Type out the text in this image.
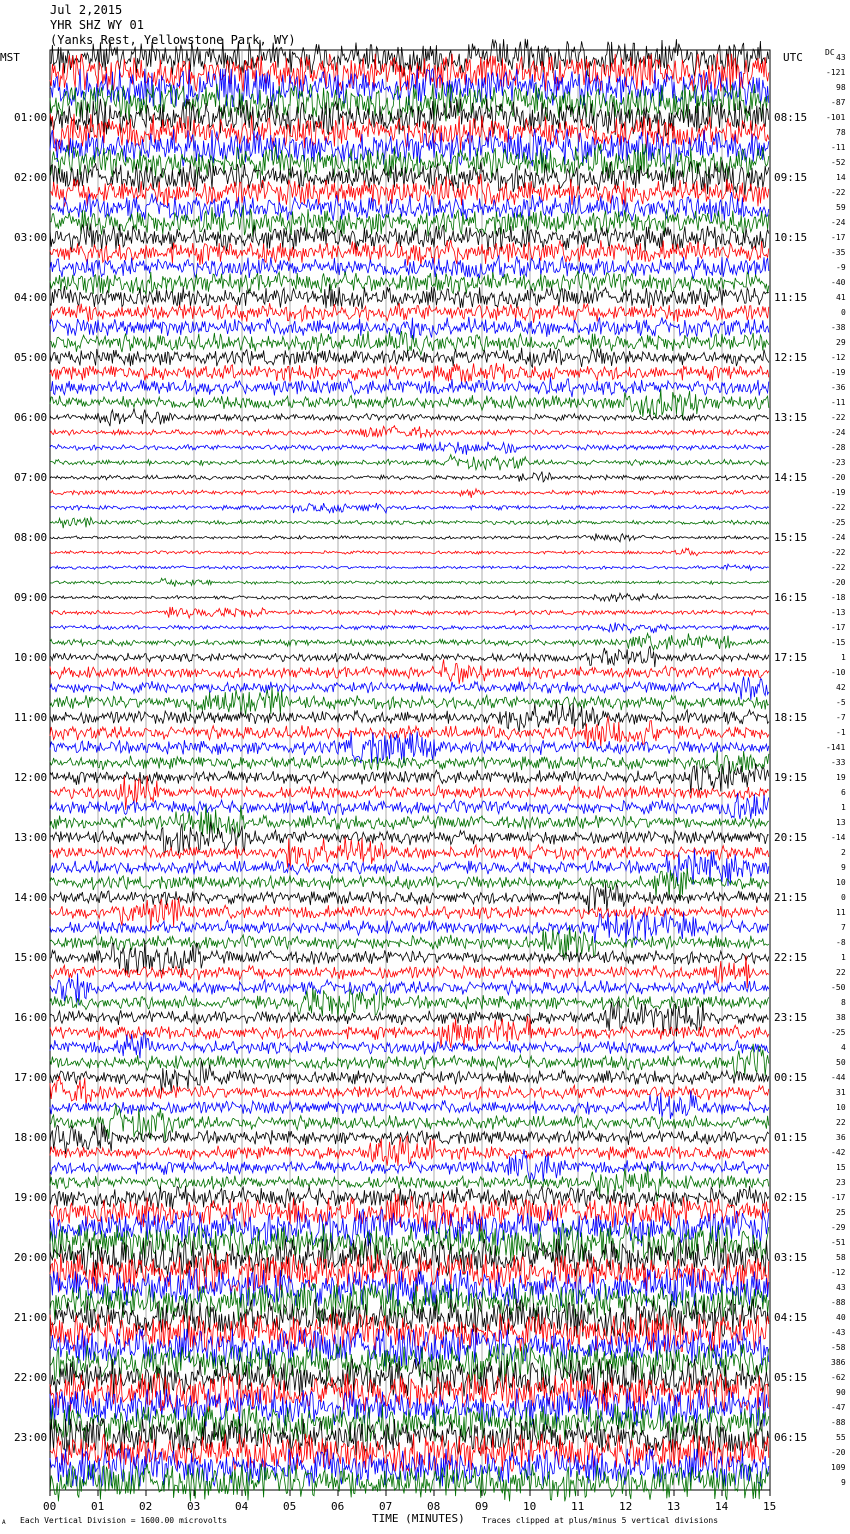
Jul 2,2015
YHR SHZ WY 01
(Yanks Rest, Yellowstone Park, WY)
MST	UTC	DC
TIME (MINUTES)
Each Vertical Division = 1600.00 microvolts	Traces clipped at plus/minus 5 vertical divisions
A
01:00
02:00
03:00
04:00
05:00
06:00
07:00
08:00
09:00
10:00
11:00
12:00
13:00
14:00
15:00
16:00
17:00
18:00
19:00
20:00
21:00
22:00
23:00
08:15
09:15
10:15
11:15
12:15
13:15
14:15
15:15
16:15
17:15
18:15
19:15
20:15
21:15
22:15
23:15
00:15
01:15
02:15
03:15
04:15
05:15
06:15
43
-121
98
-87
-101
78
-11
-52
14
-22
59
-24
-17
-35
-9
-40
41
0
-38
29
-12
-19
-36
-11
-22
-24
-28
-23
-20
-19
-22
-25
-24
-22
-22
-20
-18
-13
-17
-15
1
-10
42
-5
-7
-1
-141
-33
19
6
1
13
-14
2
9
10
0
11
7
-8
1
22
-50
8
38
-25
4
50
-44
31
10
22
36
-42
15
23
-17
25
-29
-51
58
-12
43
-88
40
-43
-58
386
-62
90
-47
-88
55
-20
109
9
00	01	02	03	04	05	06	07	08	09	10	11	12	13	14	15
